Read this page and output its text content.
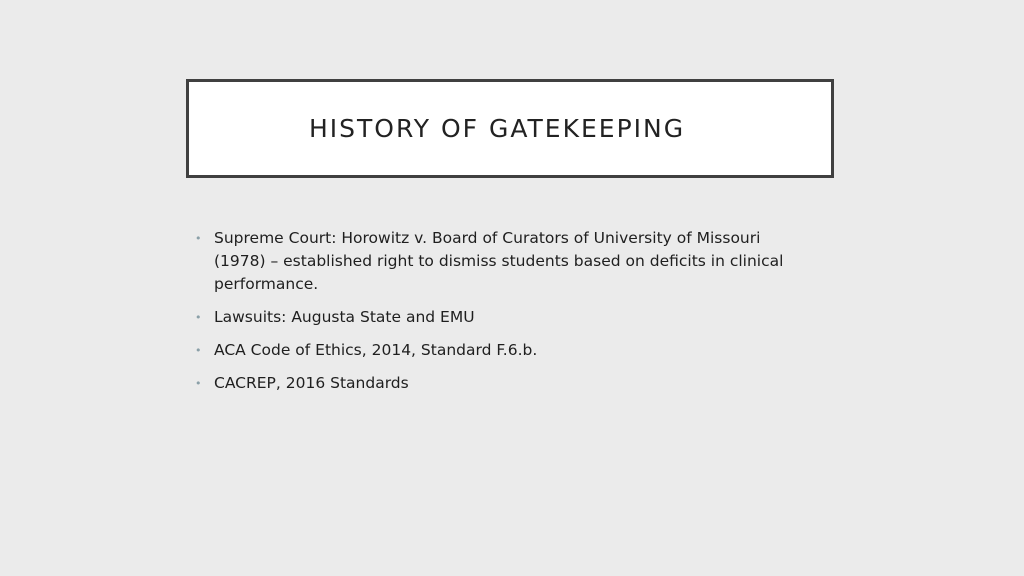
HISTORY OF GATEKEEPING
• Supreme Court: Horowitz v. Board of Curators of University of Missouri (1978) – established right to dismiss students based on deficits in clinical performance.
• Lawsuits: Augusta State and EMU
• ACA Code of Ethics, 2014, Standard F.6.b.
• CACREP, 2016 Standards
